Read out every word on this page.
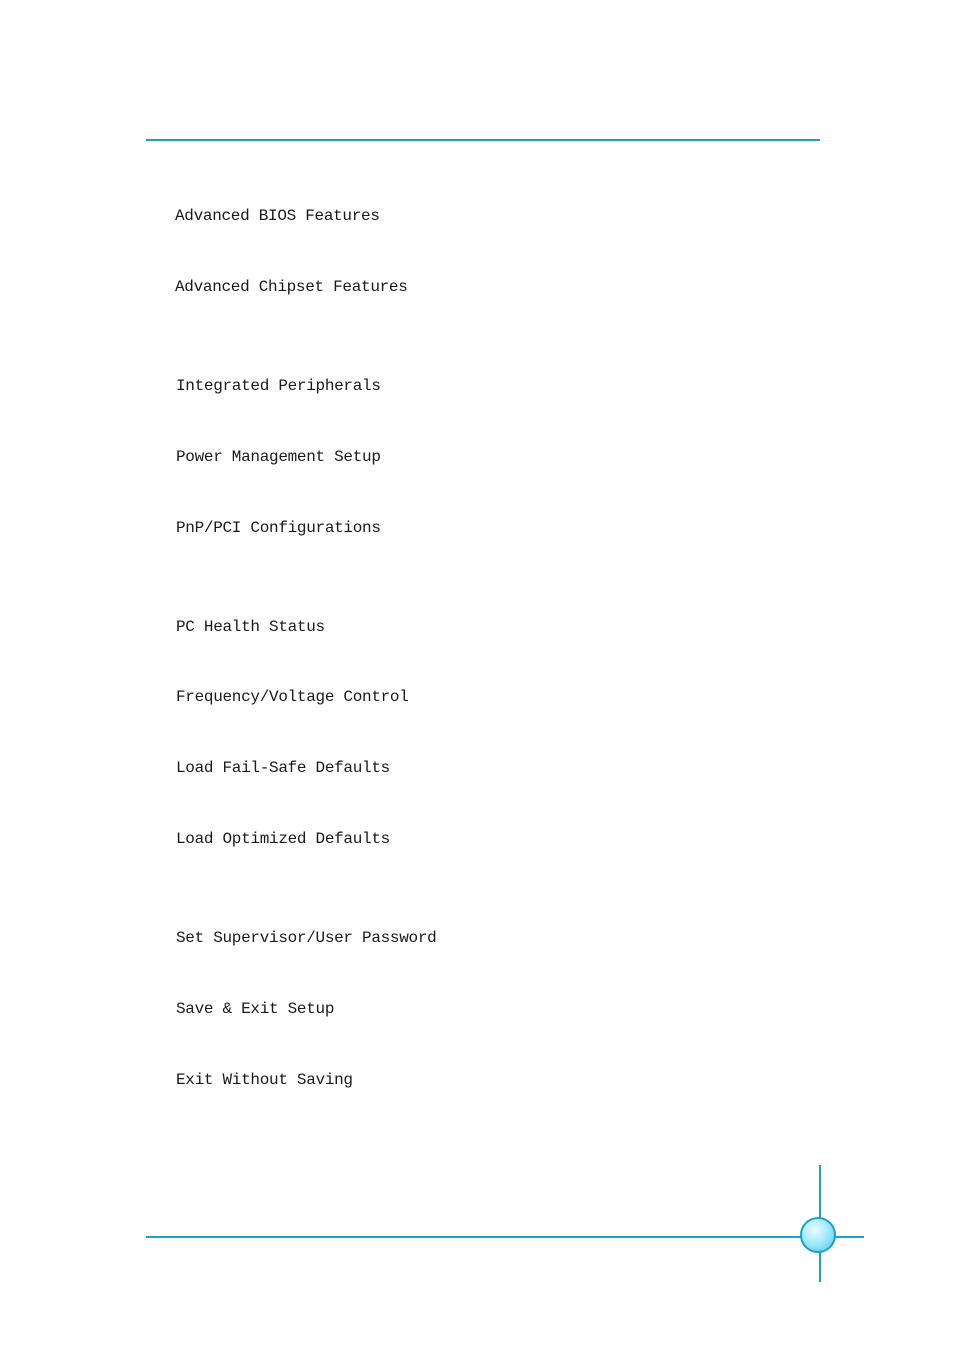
Advanced BIOS Features
Advanced Chipset Features
Integrated Peripherals
Power Management Setup
PnP/PCI Configurations
PC Health Status
Frequency/Voltage Control
Load Fail-Safe Defaults
Load Optimized Defaults
Set Supervisor/User Password
Save & Exit Setup
Exit Without Saving
